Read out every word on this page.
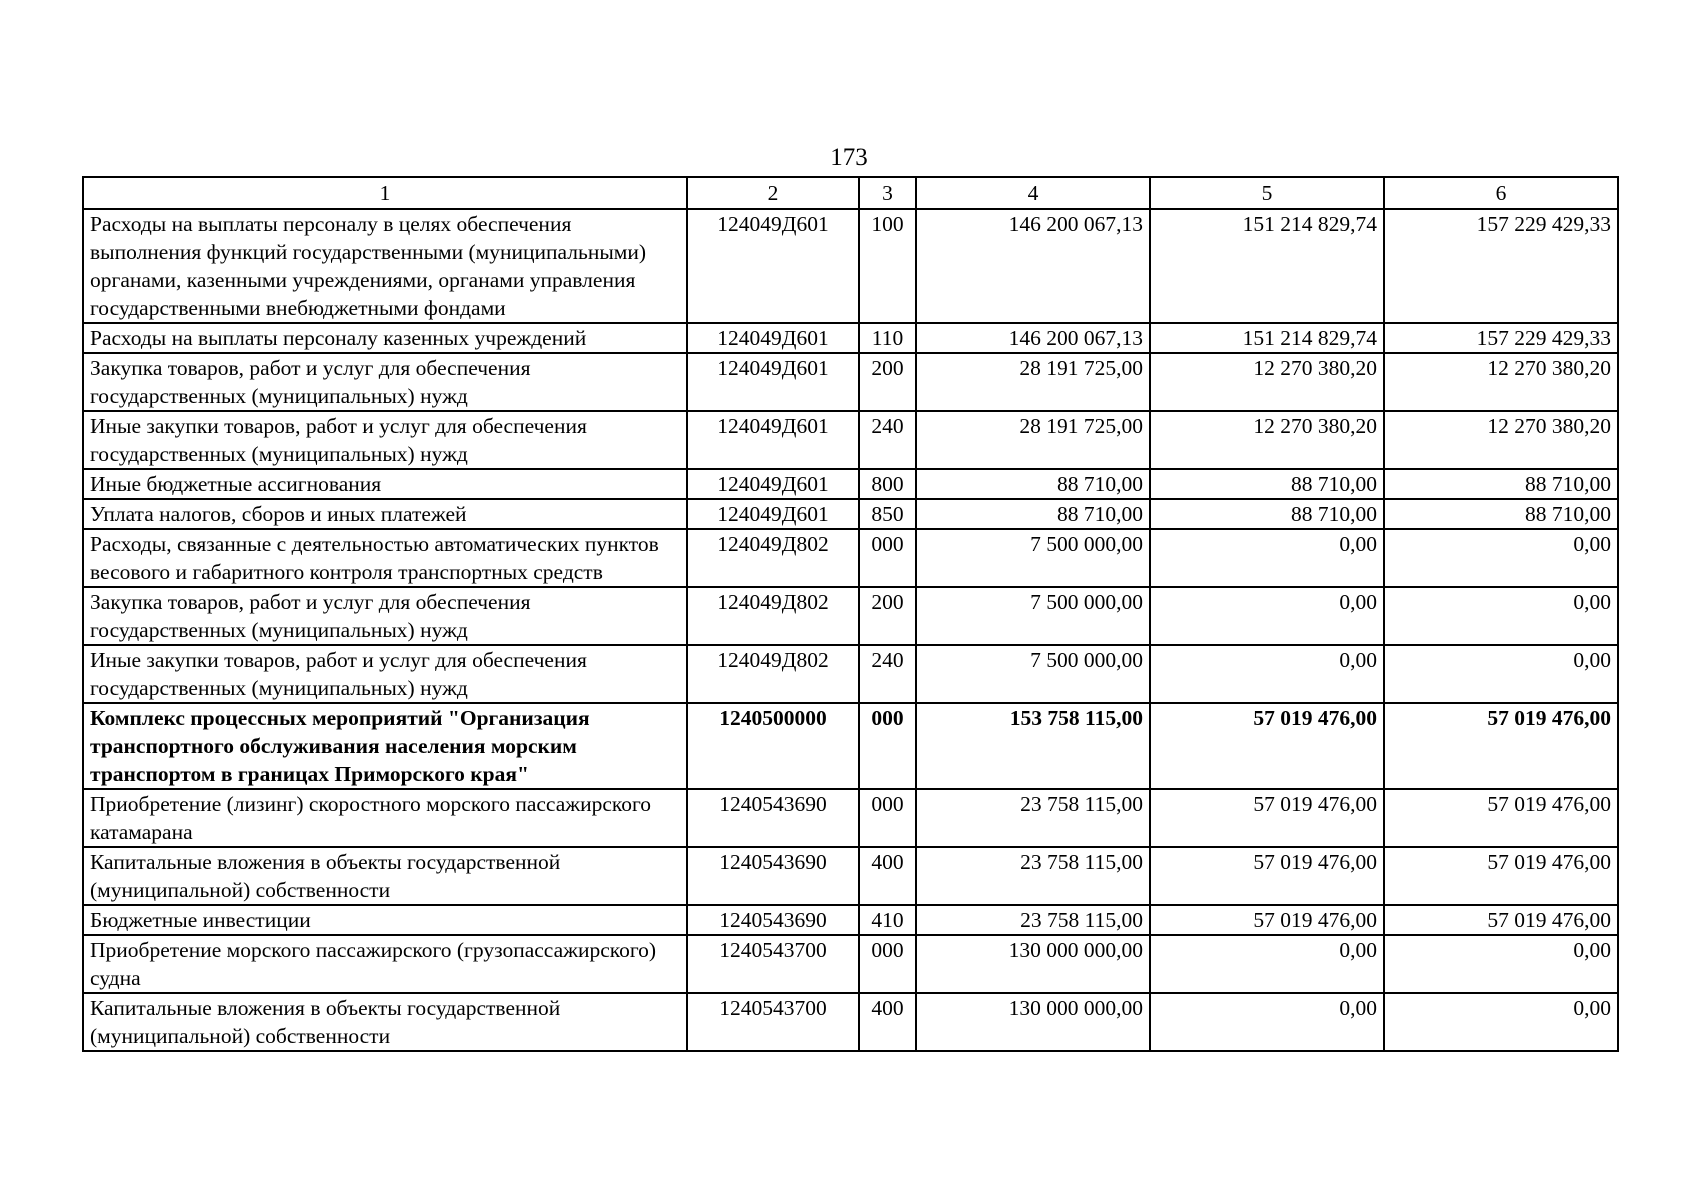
173
1	2	3	4	5	6
Расходы на выплаты персоналу в целях обеспечения выполнения функций государственными (муниципальными) органами, казенными учреждениями, органами управления государственными внебюджетными фондами	124049Д601	100	146 200 067,13	151 214 829,74	157 229 429,33
Расходы на выплаты персоналу казенных учреждений	124049Д601	110	146 200 067,13	151 214 829,74	157 229 429,33
Закупка товаров, работ и услуг для обеспечения государственных (муниципальных) нужд	124049Д601	200	28 191 725,00	12 270 380,20	12 270 380,20
Иные закупки товаров, работ и услуг для обеспечения государственных (муниципальных) нужд	124049Д601	240	28 191 725,00	12 270 380,20	12 270 380,20
Иные бюджетные ассигнования	124049Д601	800	88 710,00	88 710,00	88 710,00
Уплата налогов, сборов и иных платежей	124049Д601	850	88 710,00	88 710,00	88 710,00
Расходы, связанные с деятельностью автоматических пунктов весового и габаритного контроля транспортных средств	124049Д802	000	7 500 000,00	0,00	0,00
Закупка товаров, работ и услуг для обеспечения государственных (муниципальных) нужд	124049Д802	200	7 500 000,00	0,00	0,00
Иные закупки товаров, работ и услуг для обеспечения государственных (муниципальных) нужд	124049Д802	240	7 500 000,00	0,00	0,00
Комплекс процессных мероприятий "Организация транспортного обслуживания населения морским транспортом в границах Приморского края"	1240500000	000	153 758 115,00	57 019 476,00	57 019 476,00
Приобретение (лизинг) скоростного морского пассажирского катамарана	1240543690	000	23 758 115,00	57 019 476,00	57 019 476,00
Капитальные вложения в объекты государственной (муниципальной) собственности	1240543690	400	23 758 115,00	57 019 476,00	57 019 476,00
Бюджетные инвестиции	1240543690	410	23 758 115,00	57 019 476,00	57 019 476,00
Приобретение морского пассажирского (грузопассажирского) судна	1240543700	000	130 000 000,00	0,00	0,00
Капитальные вложения в объекты государственной (муниципальной) собственности	1240543700	400	130 000 000,00	0,00	0,00
